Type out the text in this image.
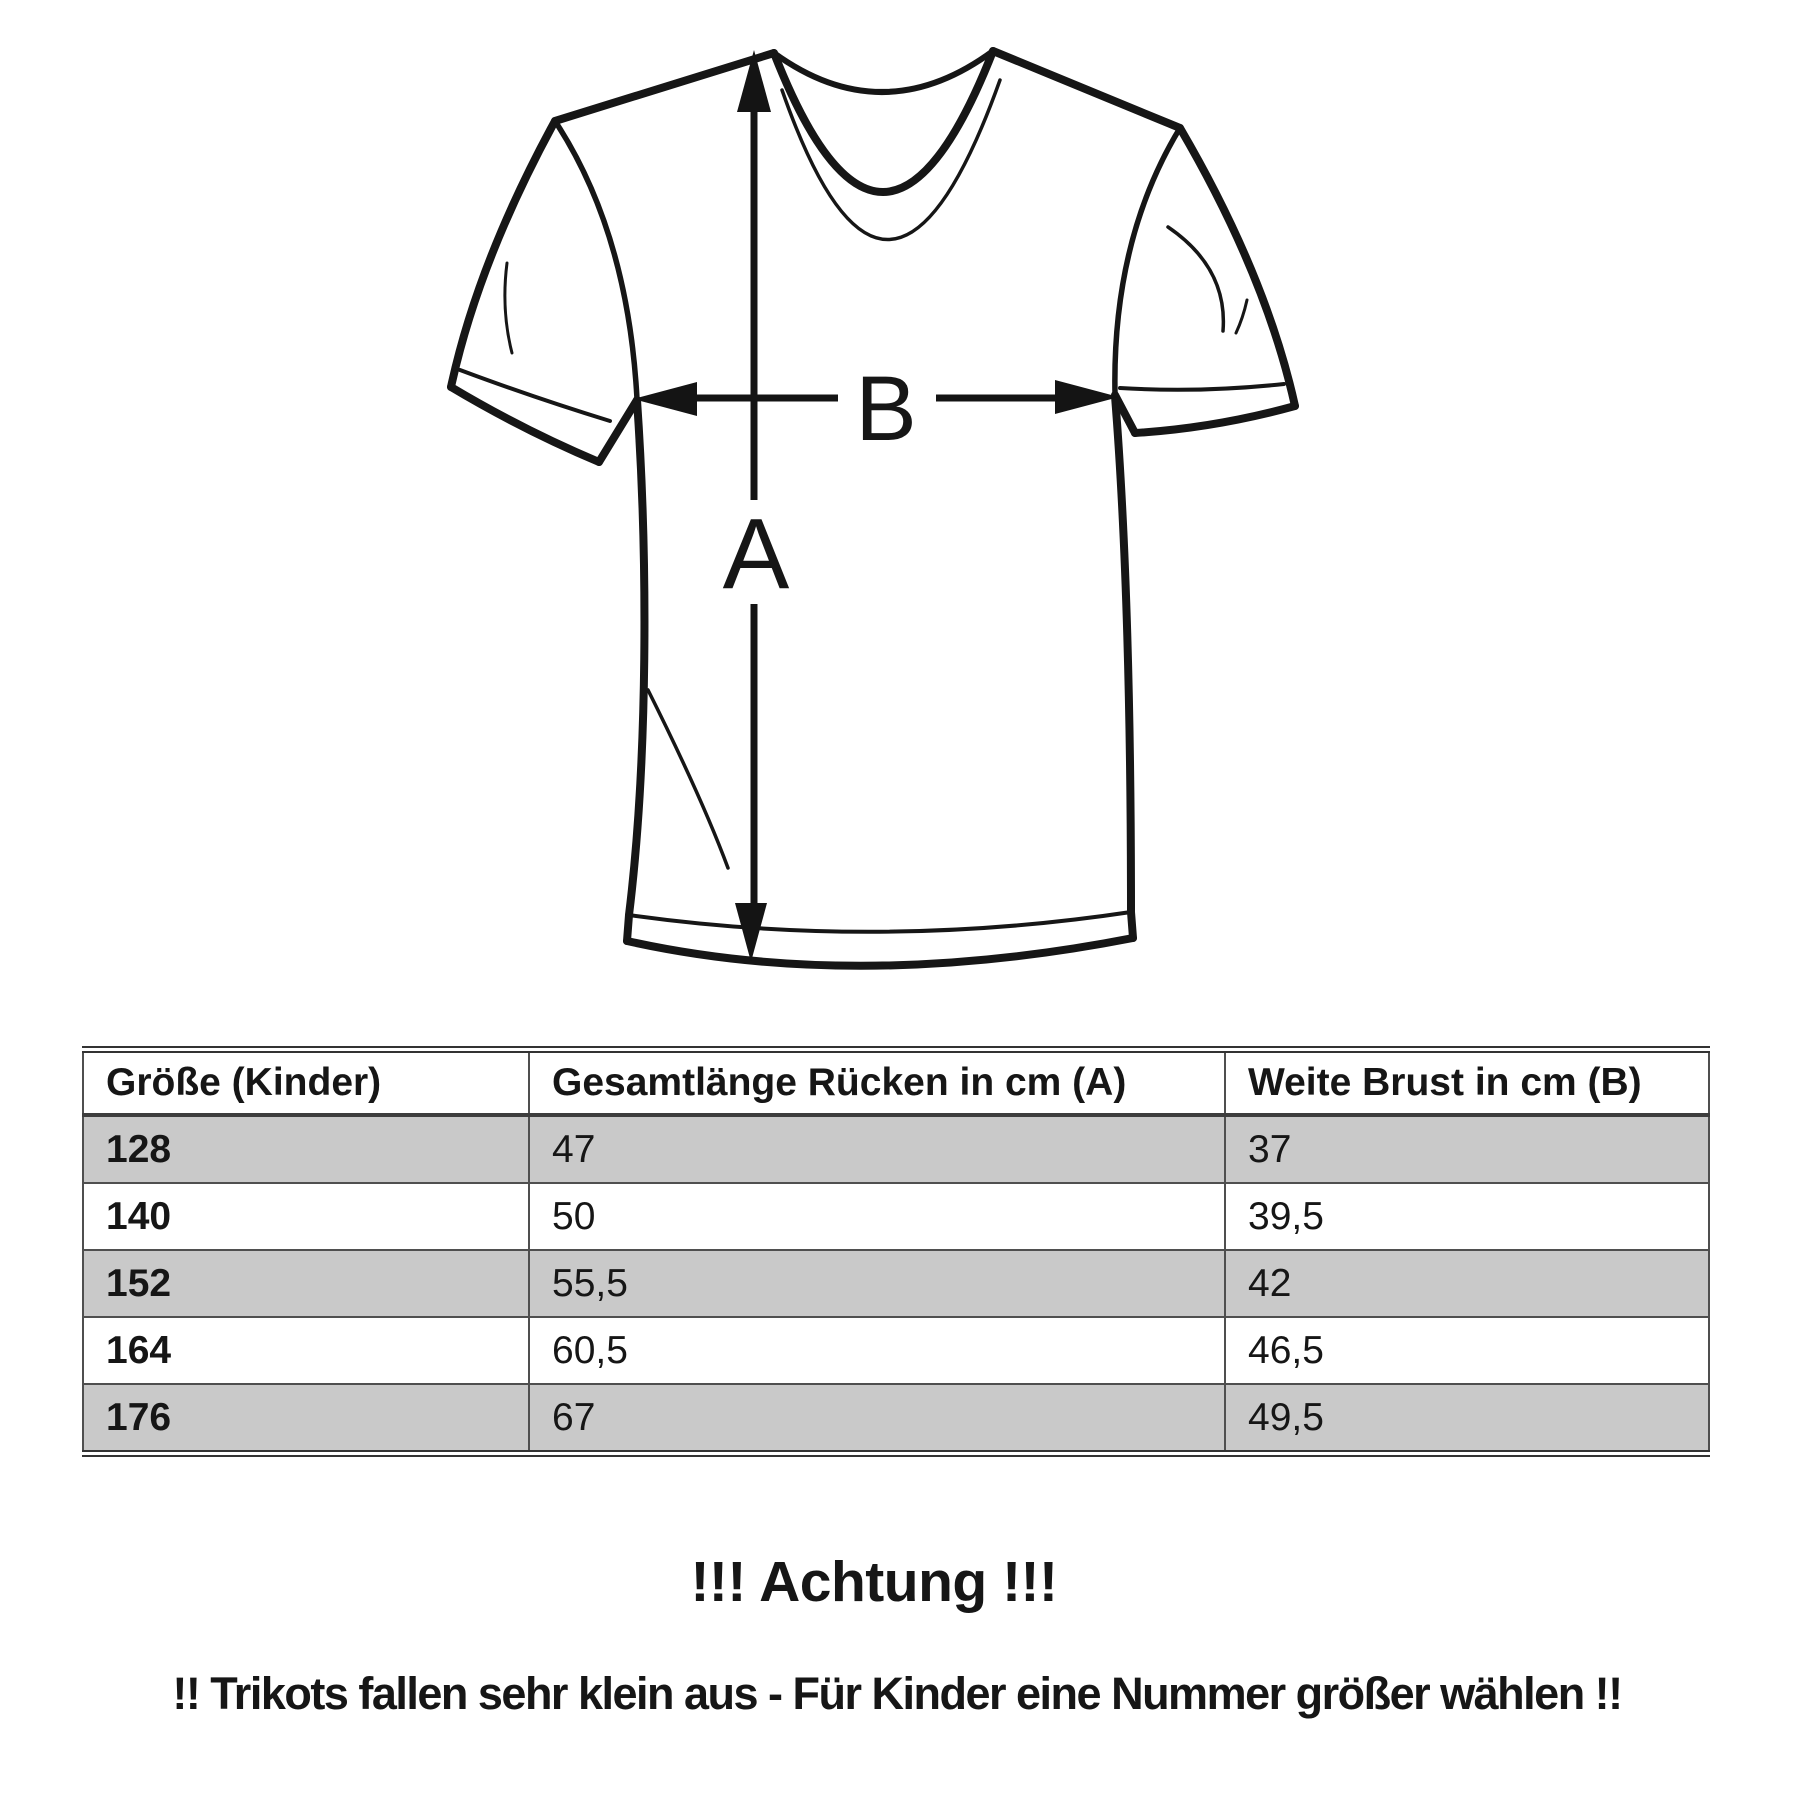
A
B
Größe (Kinder)	Gesamtlänge Rücken in cm (A)	Weite Brust in cm (B)
128	47	37
140	50	39,5
152	55,5	42
164	60,5	46,5
176	67	49,5
!!! Achtung !!!
!! Trikots fallen sehr klein aus - Für Kinder eine Nummer größer wählen !!
